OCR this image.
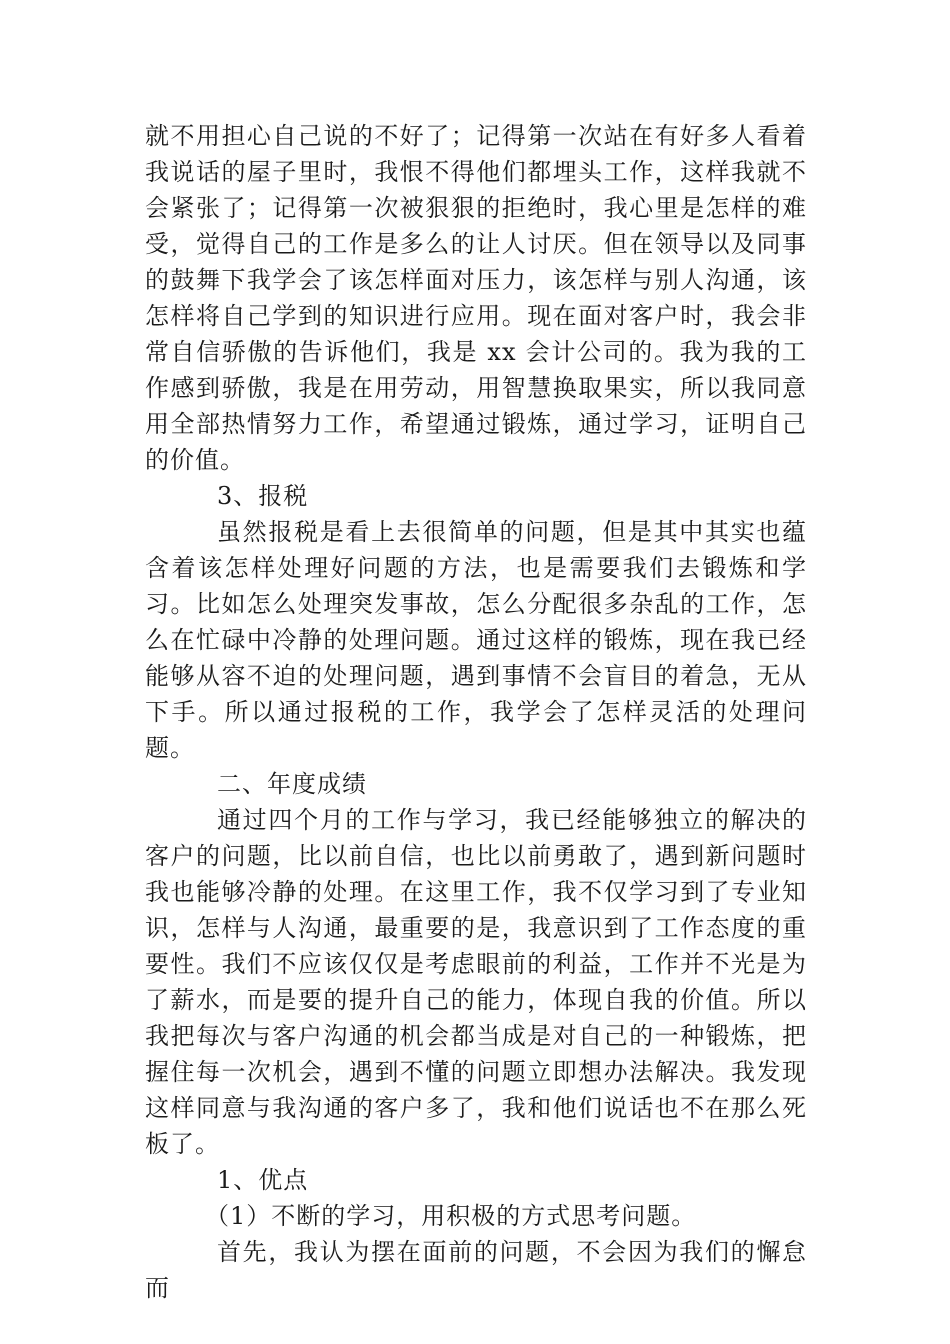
就不用担心自己说的不好了；记得第一次站在有好多人看着我说话的屋子里时，我恨不得他们都埋头工作，这样我就不会紧张了；记得第一次被狠狠的拒绝时，我心里是怎样的难受，觉得自己的工作是多么的让人讨厌。但在领导以及同事的鼓舞下我学会了该怎样面对压力，该怎样与别人沟通，该怎样将自己学到的知识进行应用。现在面对客户时，我会非常自信骄傲的告诉他们，我是 xx 会计公司的。我为我的工作感到骄傲，我是在用劳动，用智慧换取果实，所以我同意用全部热情努力工作，希望通过锻炼，通过学习，证明自己的价值。

3、报税

虽然报税是看上去很简单的问题，但是其中其实也蕴含着该怎样处理好问题的方法，也是需要我们去锻炼和学习。比如怎么处理突发事故，怎么分配很多杂乱的工作，怎么在忙碌中冷静的处理问题。通过这样的锻炼，现在我已经能够从容不迫的处理问题，遇到事情不会盲目的着急，无从下手。所以通过报税的工作，我学会了怎样灵活的处理问题。

二、年度成绩

通过四个月的工作与学习，我已经能够独立的解决的客户的问题，比以前自信，也比以前勇敢了，遇到新问题时我也能够冷静的处理。在这里工作，我不仅学习到了专业知识，怎样与人沟通，最重要的是，我意识到了工作态度的重要性。我们不应该仅仅是考虑眼前的利益，工作并不光是为了薪水，而是要的提升自己的能力，体现自我的价值。所以我把每次与客户沟通的机会都当成是对自己的一种锻炼，把握住每一次机会，遇到不懂的问题立即想办法解决。我发现这样同意与我沟通的客户多了，我和他们说话也不在那么死板了。

1、优点

（1）不断的学习，用积极的方式思考问题。

首先，我认为摆在面前的问题，不会因为我们的懈怠而
